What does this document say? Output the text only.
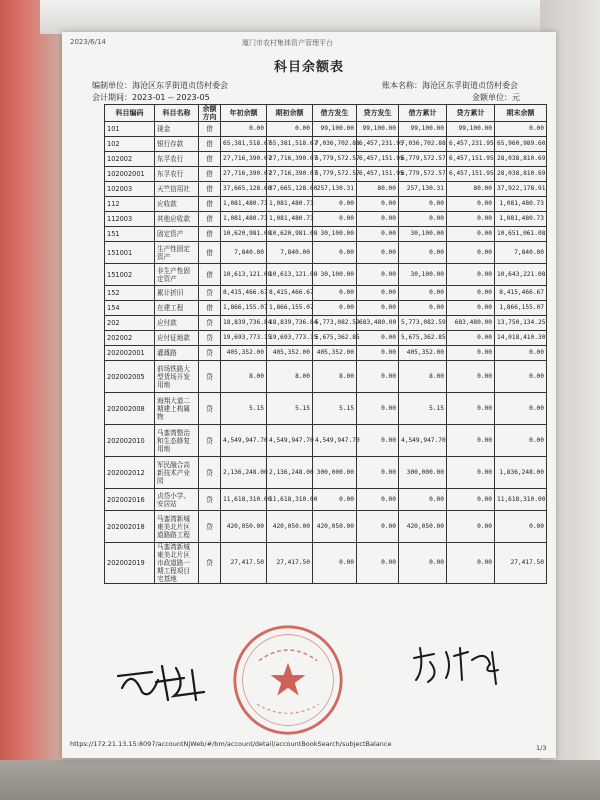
2023/6/14	厦门市农村集体资产管理平台
科目余额表
编制单位：海沧区东孚街道贞岱村委会	账本名称：海沧区东孚街道贞岱村委会
会计期间：2023-01 -- 2023-05	金额单位：元
科目编码	科目名称	余额方向	年初余额	期初余额	借方发生	贷方发生	借方累计	贷方累计	期末余额
101	现金	借	0.00	0.00	99,100.00	99,100.00	99,100.00	99,100.00	0.00
102	银行存款	借	65,381,518.67	65,381,518.67	7,036,702.88	6,457,231.95	7,036,702.88	6,457,231.95	65,960,989.60
102002	东孚农行	借	27,716,390.07	27,716,390.07	6,779,572.57	6,457,151.95	6,779,572.57	6,457,151.95	28,038,810.69
102002001	东孚农行	借	27,716,390.07	27,716,390.07	6,779,572.57	6,457,151.95	6,779,572.57	6,457,151.95	28,038,810.69
102003	天竺信用社	借	37,665,128.60	37,665,128.60	257,130.31	80.00	257,130.31	80.00	37,922,178.91
112	应收款	借	1,081,480.73	1,081,480.73	0.00	0.00	0.00	0.00	1,081,480.73
112003	其他应收款	借	1,081,480.73	1,081,480.73	0.00	0.00	0.00	0.00	1,081,480.73
151	固定资产	借	10,620,981.08	10,620,981.08	30,100.00	0.00	30,100.00	0.00	10,651,061.08
151001	生产性固定资产	借	7,840.00	7,840.00	0.00	0.00	0.00	0.00	7,840.00
151002	非生产性固定资产	借	10,613,121.08	10,613,121.08	30,100.00	0.00	30,100.00	0.00	10,643,221.08
152	累计折旧	贷	8,415,466.67	8,415,466.67	0.00	0.00	0.00	0.00	8,415,466.67
154	在建工程	借	1,866,155.07	1,866,155.07	0.00	0.00	0.00	0.00	1,866,155.07
202	应付款	贷	18,839,736.84	18,839,736.84	5,773,082.59	683,480.00	5,773,082.59	683,480.00	13,750,134.25
202002	应付征地款	贷	19,693,773.15	19,693,773.15	5,675,362.85	0.00	5,675,362.85	0.00	14,018,410.30
202002001	灌溉路	贷	405,352.00	405,352.00	405,352.00	0.00	405,352.00	0.00	0.00
202002005	前场铁路大型货场开发用地	贷	8.00	8.00	8.00	0.00	8.00	0.00	0.00
202002008	海翔大道二期建上构属物	贷	5.15	5.15	5.15	0.00	5.15	0.00	0.00
202002010	马銮湾整治和生态修复用地	贷	4,549,947.70	4,549,947.70	4,549,947.70	0.00	4,549,947.70	0.00	0.00
202002012	军民融合高新技术产业园	贷	2,136,248.00	2,136,248.00	300,000.00	0.00	300,000.00	0.00	1,836,248.00
202002016	贞岱小学、安居站	贷	11,618,310.00	11,618,310.00	0.00	0.00	0.00	0.00	11,618,310.00
202002018	马銮湾新城東美北片区道路路工程	贷	420,050.00	420,050.00	420,050.00	0.00	420,050.00	0.00	0.00
202002019	马銮湾新城東美北片区市政道路一期工程项目宅基地	贷	27,417.50	27,417.50	0.00	0.00	0.00	0.00	27,417.50
https://172.21.13.15:8097/accountNjWeb/#/bm/account/detail/accountBookSearch/subjectBalance	1/3
